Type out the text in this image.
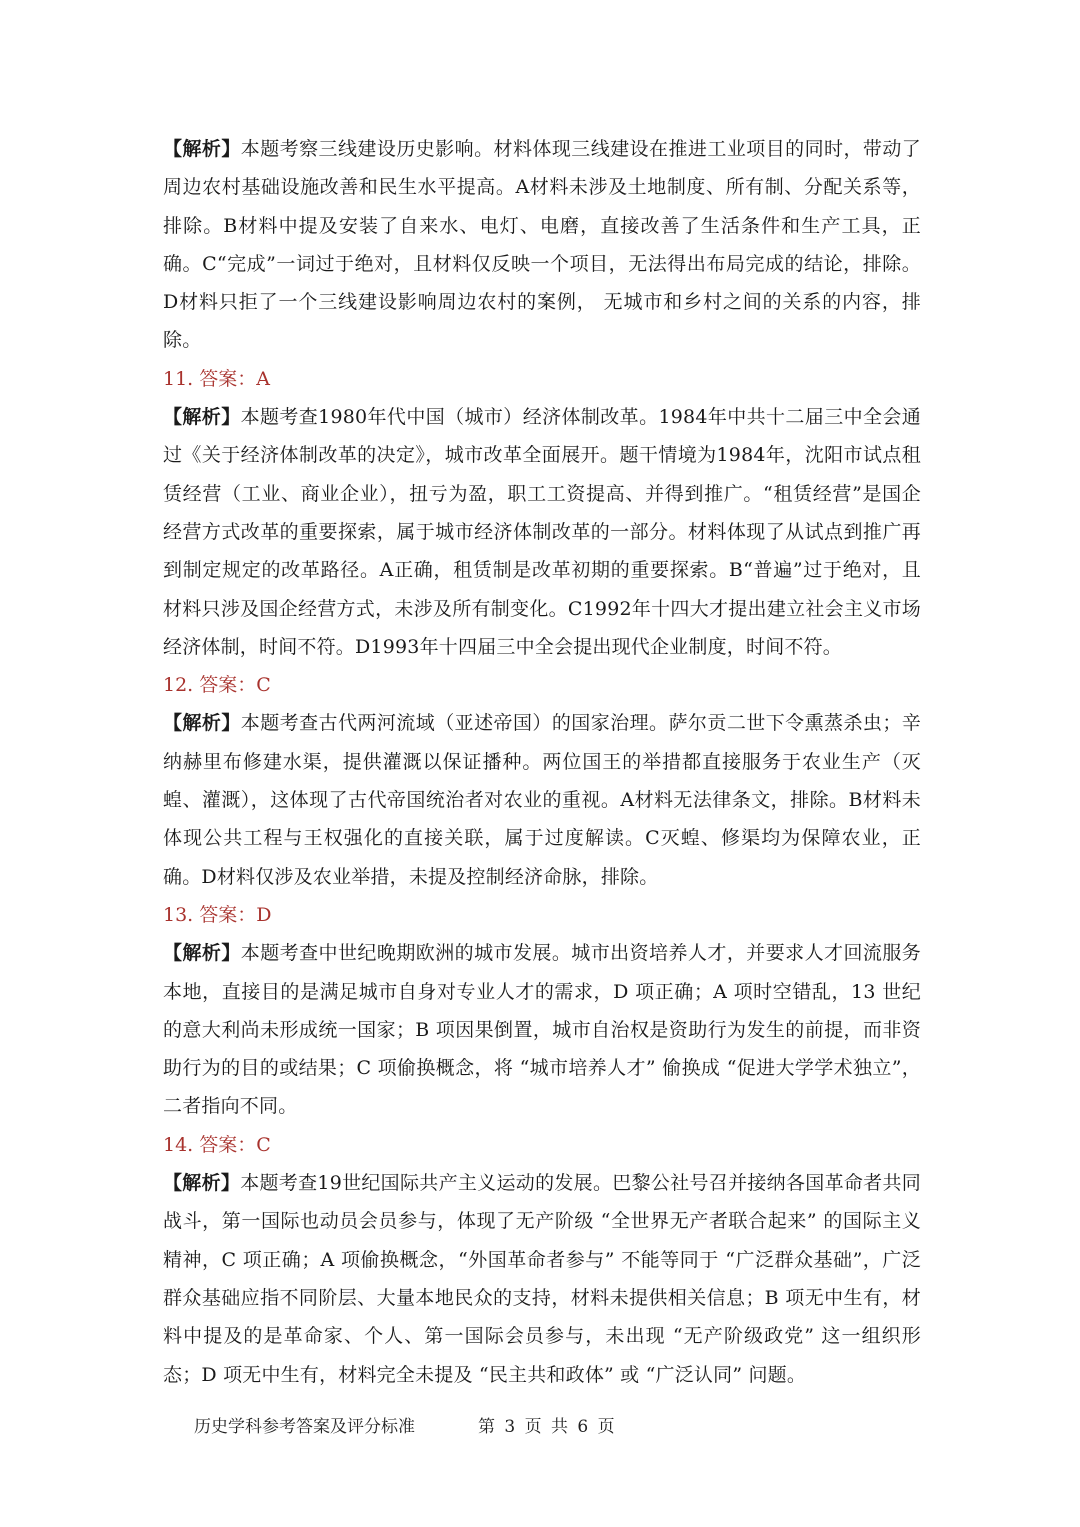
【解析】本题考察三线建设历史影响。材料体现三线建设在推进工业项目的同时，带动了周边农村基础设施改善和民生水平提高。A材料未涉及土地制度、所有制、分配关系等，排除。B材料中提及安装了自来水、电灯、电磨，直接改善了生活条件和生产工具，正确。C“完成”一词过于绝对，且材料仅反映一个项目，无法得出布局完成的结论，排除。D材料只拒了一个三线建设影响周边农村的案例， 无城市和乡村之间的关系的内容，排除。

11. 答案：A

【解析】本题考查1980年代中国（城市）经济体制改革。1984年中共十二届三中全会通过《关于经济体制改革的决定》，城市改革全面展开。题干情境为1984年，沈阳市试点租赁经营（工业、商业企业），扭亏为盈，职工工资提高、并得到推广。“租赁经营”是国企经营方式改革的重要探索，属于城市经济体制改革的一部分。材料体现了从试点到推广再到制定规定的改革路径。A正确，租赁制是改革初期的重要探索。B“普遍”过于绝对，且材料只涉及国企经营方式，未涉及所有制变化。C1992年十四大才提出建立社会主义市场经济体制，时间不符。D1993年十四届三中全会提出现代企业制度，时间不符。

12. 答案：C

【解析】本题考查古代两河流域（亚述帝国）的国家治理。萨尔贡二世下令熏蒸杀虫；辛纳赫里布修建水渠，提供灌溉以保证播种。两位国王的举措都直接服务于农业生产（灭蝗、灌溉），这体现了古代帝国统治者对农业的重视。A材料无法律条文，排除。B材料未体现公共工程与王权强化的直接关联，属于过度解读。C灭蝗、修渠均为保障农业，正确。D材料仅涉及农业举措，未提及控制经济命脉，排除。

13. 答案：D

【解析】本题考查中世纪晚期欧洲的城市发展。城市出资培养人才，并要求人才回流服务本地，直接目的是满足城市自身对专业人才的需求，D 项正确；A 项时空错乱，13 世纪的意大利尚未形成统一国家；B 项因果倒置，城市自治权是资助行为发生的前提，而非资助行为的目的或结果；C 项偷换概念，将 “城市培养人才” 偷换成 “促进大学学术独立”，二者指向不同。

14. 答案：C

【解析】本题考查19世纪国际共产主义运动的发展。巴黎公社号召并接纳各国革命者共同战斗，第一国际也动员会员参与，体现了无产阶级 “全世界无产者联合起来” 的国际主义精神，C 项正确；A 项偷换概念，“外国革命者参与” 不能等同于 “广泛群众基础”，广泛群众基础应指不同阶层、大量本地民众的支持，材料未提供相关信息；B 项无中生有，材料中提及的是革命家、个人、第一国际会员参与，未出现 “无产阶级政党” 这一组织形态；D 项无中生有，材料完全未提及 “民主共和政体” 或 “广泛认同” 问题。

历史学科参考答案及评分标准	第 3 页 共 6 页
